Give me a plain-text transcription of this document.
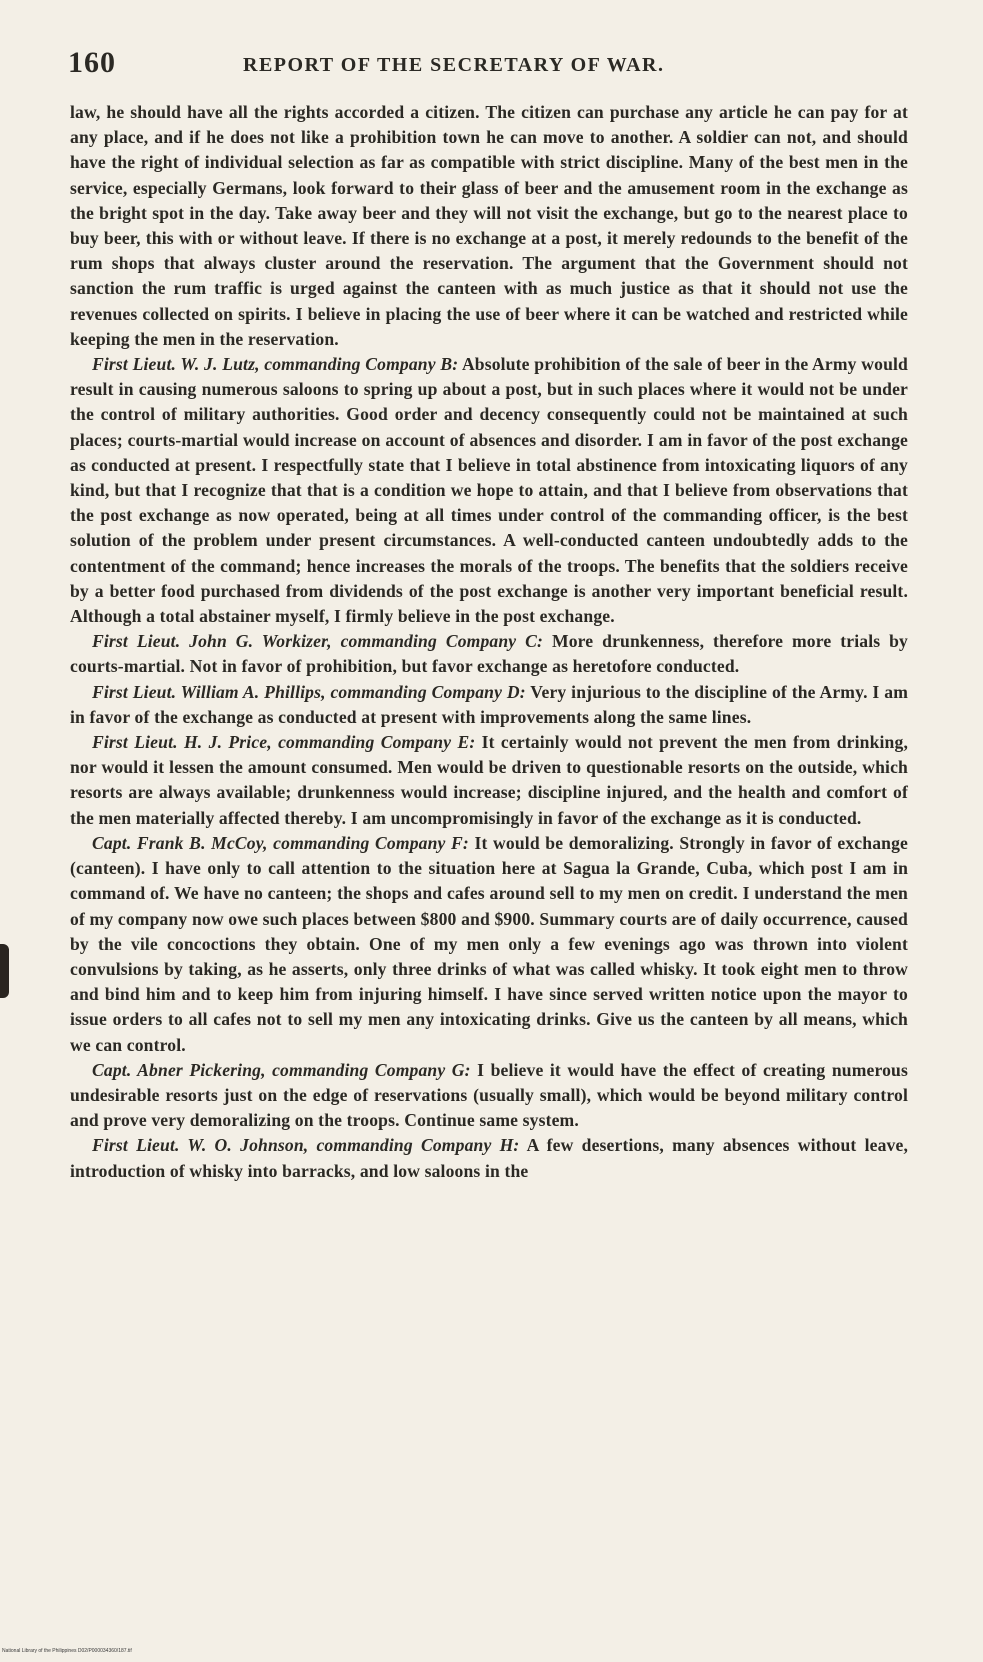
160	REPORT OF THE SECRETARY OF WAR.

law, he should have all the rights accorded a citizen. The citizen can purchase any article he can pay for at any place, and if he does not like a prohibition town he can move to another. A soldier can not, and should have the right of individual selection as far as compatible with strict discipline. Many of the best men in the service, especially Germans, look forward to their glass of beer and the amusement room in the exchange as the bright spot in the day. Take away beer and they will not visit the exchange, but go to the nearest place to buy beer, this with or without leave. If there is no exchange at a post, it merely redounds to the benefit of the rum shops that always cluster around the reservation. The argument that the Government should not sanction the rum traffic is urged against the canteen with as much justice as that it should not use the revenues collected on spirits. I believe in placing the use of beer where it can be watched and restricted while keeping the men in the reservation.

First Lieut. W. J. Lutz, commanding Company B: Absolute prohibition of the sale of beer in the Army would result in causing numerous saloons to spring up about a post, but in such places where it would not be under the control of military authorities. Good order and decency consequently could not be maintained at such places; courts-martial would increase on account of absences and disorder. I am in favor of the post exchange as conducted at present. I respectfully state that I believe in total abstinence from intoxicating liquors of any kind, but that I recognize that that is a condition we hope to attain, and that I believe from observations that the post exchange as now operated, being at all times under control of the commanding officer, is the best solution of the problem under present circumstances. A well-conducted canteen undoubtedly adds to the contentment of the command; hence increases the morals of the troops. The benefits that the soldiers receive by a better food purchased from dividends of the post exchange is another very important beneficial result. Although a total abstainer myself, I firmly believe in the post exchange.

First Lieut. John G. Workizer, commanding Company C: More drunkenness, therefore more trials by courts-martial. Not in favor of prohibition, but favor exchange as heretofore conducted.

First Lieut. William A. Phillips, commanding Company D: Very injurious to the discipline of the Army. I am in favor of the exchange as conducted at present with improvements along the same lines.

First Lieut. H. J. Price, commanding Company E: It certainly would not prevent the men from drinking, nor would it lessen the amount consumed. Men would be driven to questionable resorts on the outside, which resorts are always available; drunkenness would increase; discipline injured, and the health and comfort of the men materially affected thereby. I am uncompromisingly in favor of the exchange as it is conducted.

Capt. Frank B. McCoy, commanding Company F: It would be demoralizing. Strongly in favor of exchange (canteen). I have only to call attention to the situation here at Sagua la Grande, Cuba, which post I am in command of. We have no canteen; the shops and cafes around sell to my men on credit. I understand the men of my company now owe such places between $800 and $900. Summary courts are of daily occurrence, caused by the vile concoctions they obtain. One of my men only a few evenings ago was thrown into violent convulsions by taking, as he asserts, only three drinks of what was called whisky. It took eight men to throw and bind him and to keep him from injuring himself. I have since served written notice upon the mayor to issue orders to all cafes not to sell my men any intoxicating drinks. Give us the canteen by all means, which we can control.

Capt. Abner Pickering, commanding Company G: I believe it would have the effect of creating numerous undesirable resorts just on the edge of reservations (usually small), which would be beyond military control and prove very demoralizing on the troops. Continue same system.

First Lieut. W. O. Johnson, commanding Company H: A few desertions, many absences without leave, introduction of whisky into barracks, and low saloons in the

National Library of the Philippines D02/P000034360/187.tif
